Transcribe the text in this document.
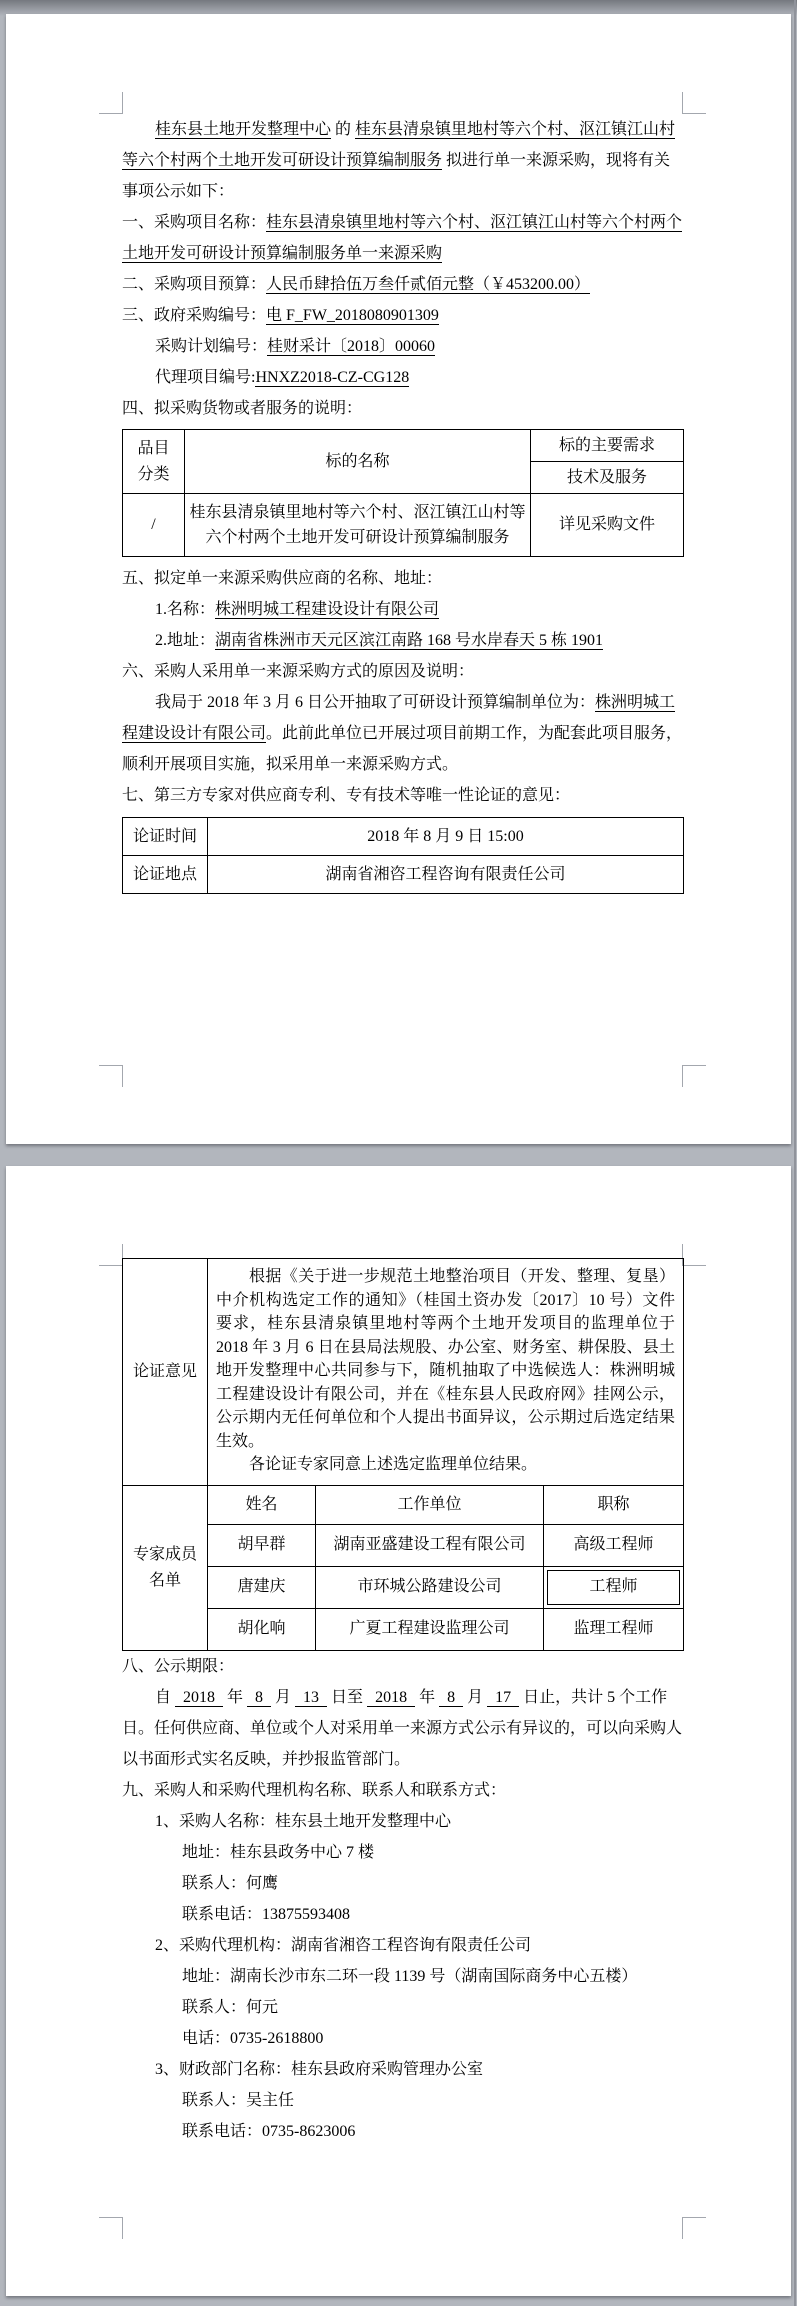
桂东县土地开发整理中心 的 桂东县清泉镇里地村等六个村、沤江镇江山村等六个村两个土地开发可研设计预算编制服务 拟进行单一来源采购，现将有关事项公示如下：

一、采购项目名称：桂东县清泉镇里地村等六个村、沤江镇江山村等六个村两个土地开发可研设计预算编制服务单一来源采购

二、采购项目预算：人民币肆拾伍万叁仟贰佰元整（￥453200.00）

三、政府采购编号：电 F_FW_2018080901309

采购计划编号：桂财采计〔2018〕00060

代理项目编号:HNXZ2018-CZ-CG128

四、拟采购货物或者服务的说明：

品目分类	标的名称	标的主要需求
		技术及服务
/	桂东县清泉镇里地村等六个村、沤江镇江山村等六个村两个土地开发可研设计预算编制服务	详见采购文件

五、拟定单一来源采购供应商的名称、地址：

1.名称：株洲明城工程建设设计有限公司

2.地址：湖南省株洲市天元区滨江南路 168 号水岸春天 5 栋 1901

六、采购人采用单一来源采购方式的原因及说明：

我局于 2018 年 3 月 6 日公开抽取了可研设计预算编制单位为：株洲明城工程建设设计有限公司。此前此单位已开展过项目前期工作，为配套此项目服务，顺利开展项目实施，拟采用单一来源采购方式。

七、第三方专家对供应商专利、专有技术等唯一性论证的意见：

论证时间	2018 年 8 月 9 日 15:00
论证地点	湖南省湘咨工程咨询有限责任公司
论证意见	根据《关于进一步规范土地整治项目（开发、整理、复垦）中介机构选定工作的通知》（桂国土资办发〔2017〕10 号）文件要求，桂东县清泉镇里地村等两个土地开发项目的监理单位于 2018 年 3 月 6 日在县局法规股、办公室、财务室、耕保股、县土地开发整理中心共同参与下，随机抽取了中选候选人：株洲明城工程建设设计有限公司，并在《桂东县人民政府网》挂网公示，公示期内无任何单位和个人提出书面异议，公示期过后选定结果生效。

各论证专家同意上述选定监理单位结果。		

专家成员名单	姓名	工作单位	职称
	胡早群	湖南亚盛建设工程有限公司	高级工程师
	唐建庆	市环城公路建设公司	工程师
	胡化响	广夏工程建设监理公司	监理工程师

八、公示期限：

自 2018 年 8 月 13 日至 2018 年 8 月 17 日止，共计 5 个工作日。任何供应商、单位或个人对采用单一来源方式公示有异议的，可以向采购人以书面形式实名反映，并抄报监管部门。

九、采购人和采购代理机构名称、联系人和联系方式：

1、采购人名称：桂东县土地开发整理中心

地址：桂东县政务中心 7 楼

联系人：何鹰

联系电话：13875593408

2、采购代理机构：湖南省湘咨工程咨询有限责任公司

地址：湖南长沙市东二环一段 1139 号（湖南国际商务中心五楼）

联系人：何元

电话：0735-2618800

3、财政部门名称：桂东县政府采购管理办公室

联系人：吴主任

联系电话：0735-8623006
